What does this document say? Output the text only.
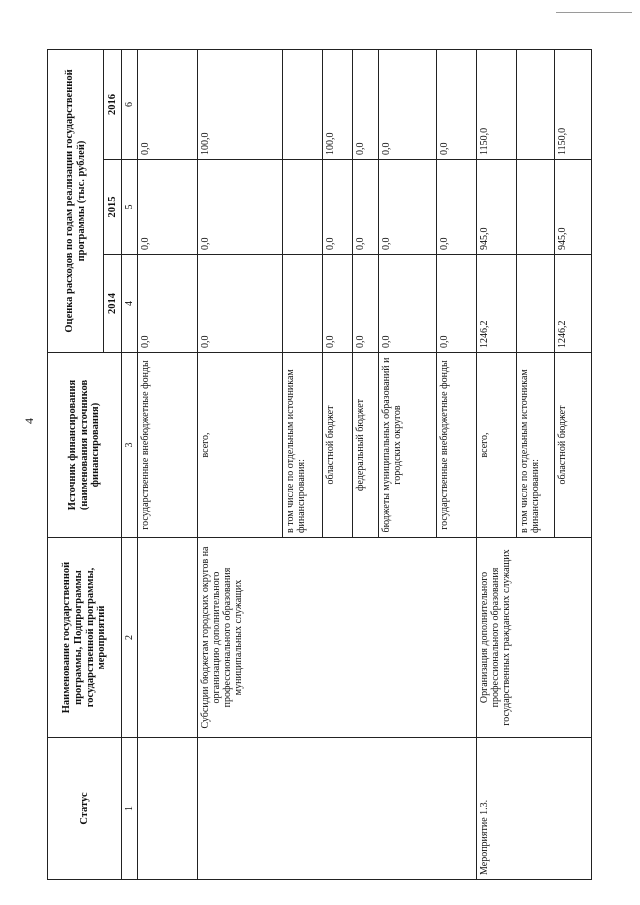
4
Статус	Наименование государственной программы, Подпрограммы государственной программы, мероприятий	Источник финансирования (наименования источников финансирования)	Оценка расходов по годам реализации государственной программы (тыс. рублей)		
			2014	2015	2016
1	2	3	4	5	6
		государственные внебюджетные фонды	0,0	0,0	0,0
	Субсидии бюджетам городских округов на организацию дополнительного профессионального образования муниципальных служащих	всего,	0,0	0,0	100,0
		в том числе по отдельным источникам финансирования:			
		областной бюджет	0,0	0,0	100,0
		федеральный бюджет	0,0	0,0	0,0
		бюджеты муниципальных образований и городских округов	0,0	0,0	0,0
		государственные внебюджетные фонды	0,0	0,0	0,0
Мероприятие 1.3.	Организация дополнительного профессионального образования государственных гражданских служащих	всего,	1246,2	945,0	1150,0
		в том числе по отдельным источникам финансирования:			
		областной бюджет	1246,2	945,0	1150,0
